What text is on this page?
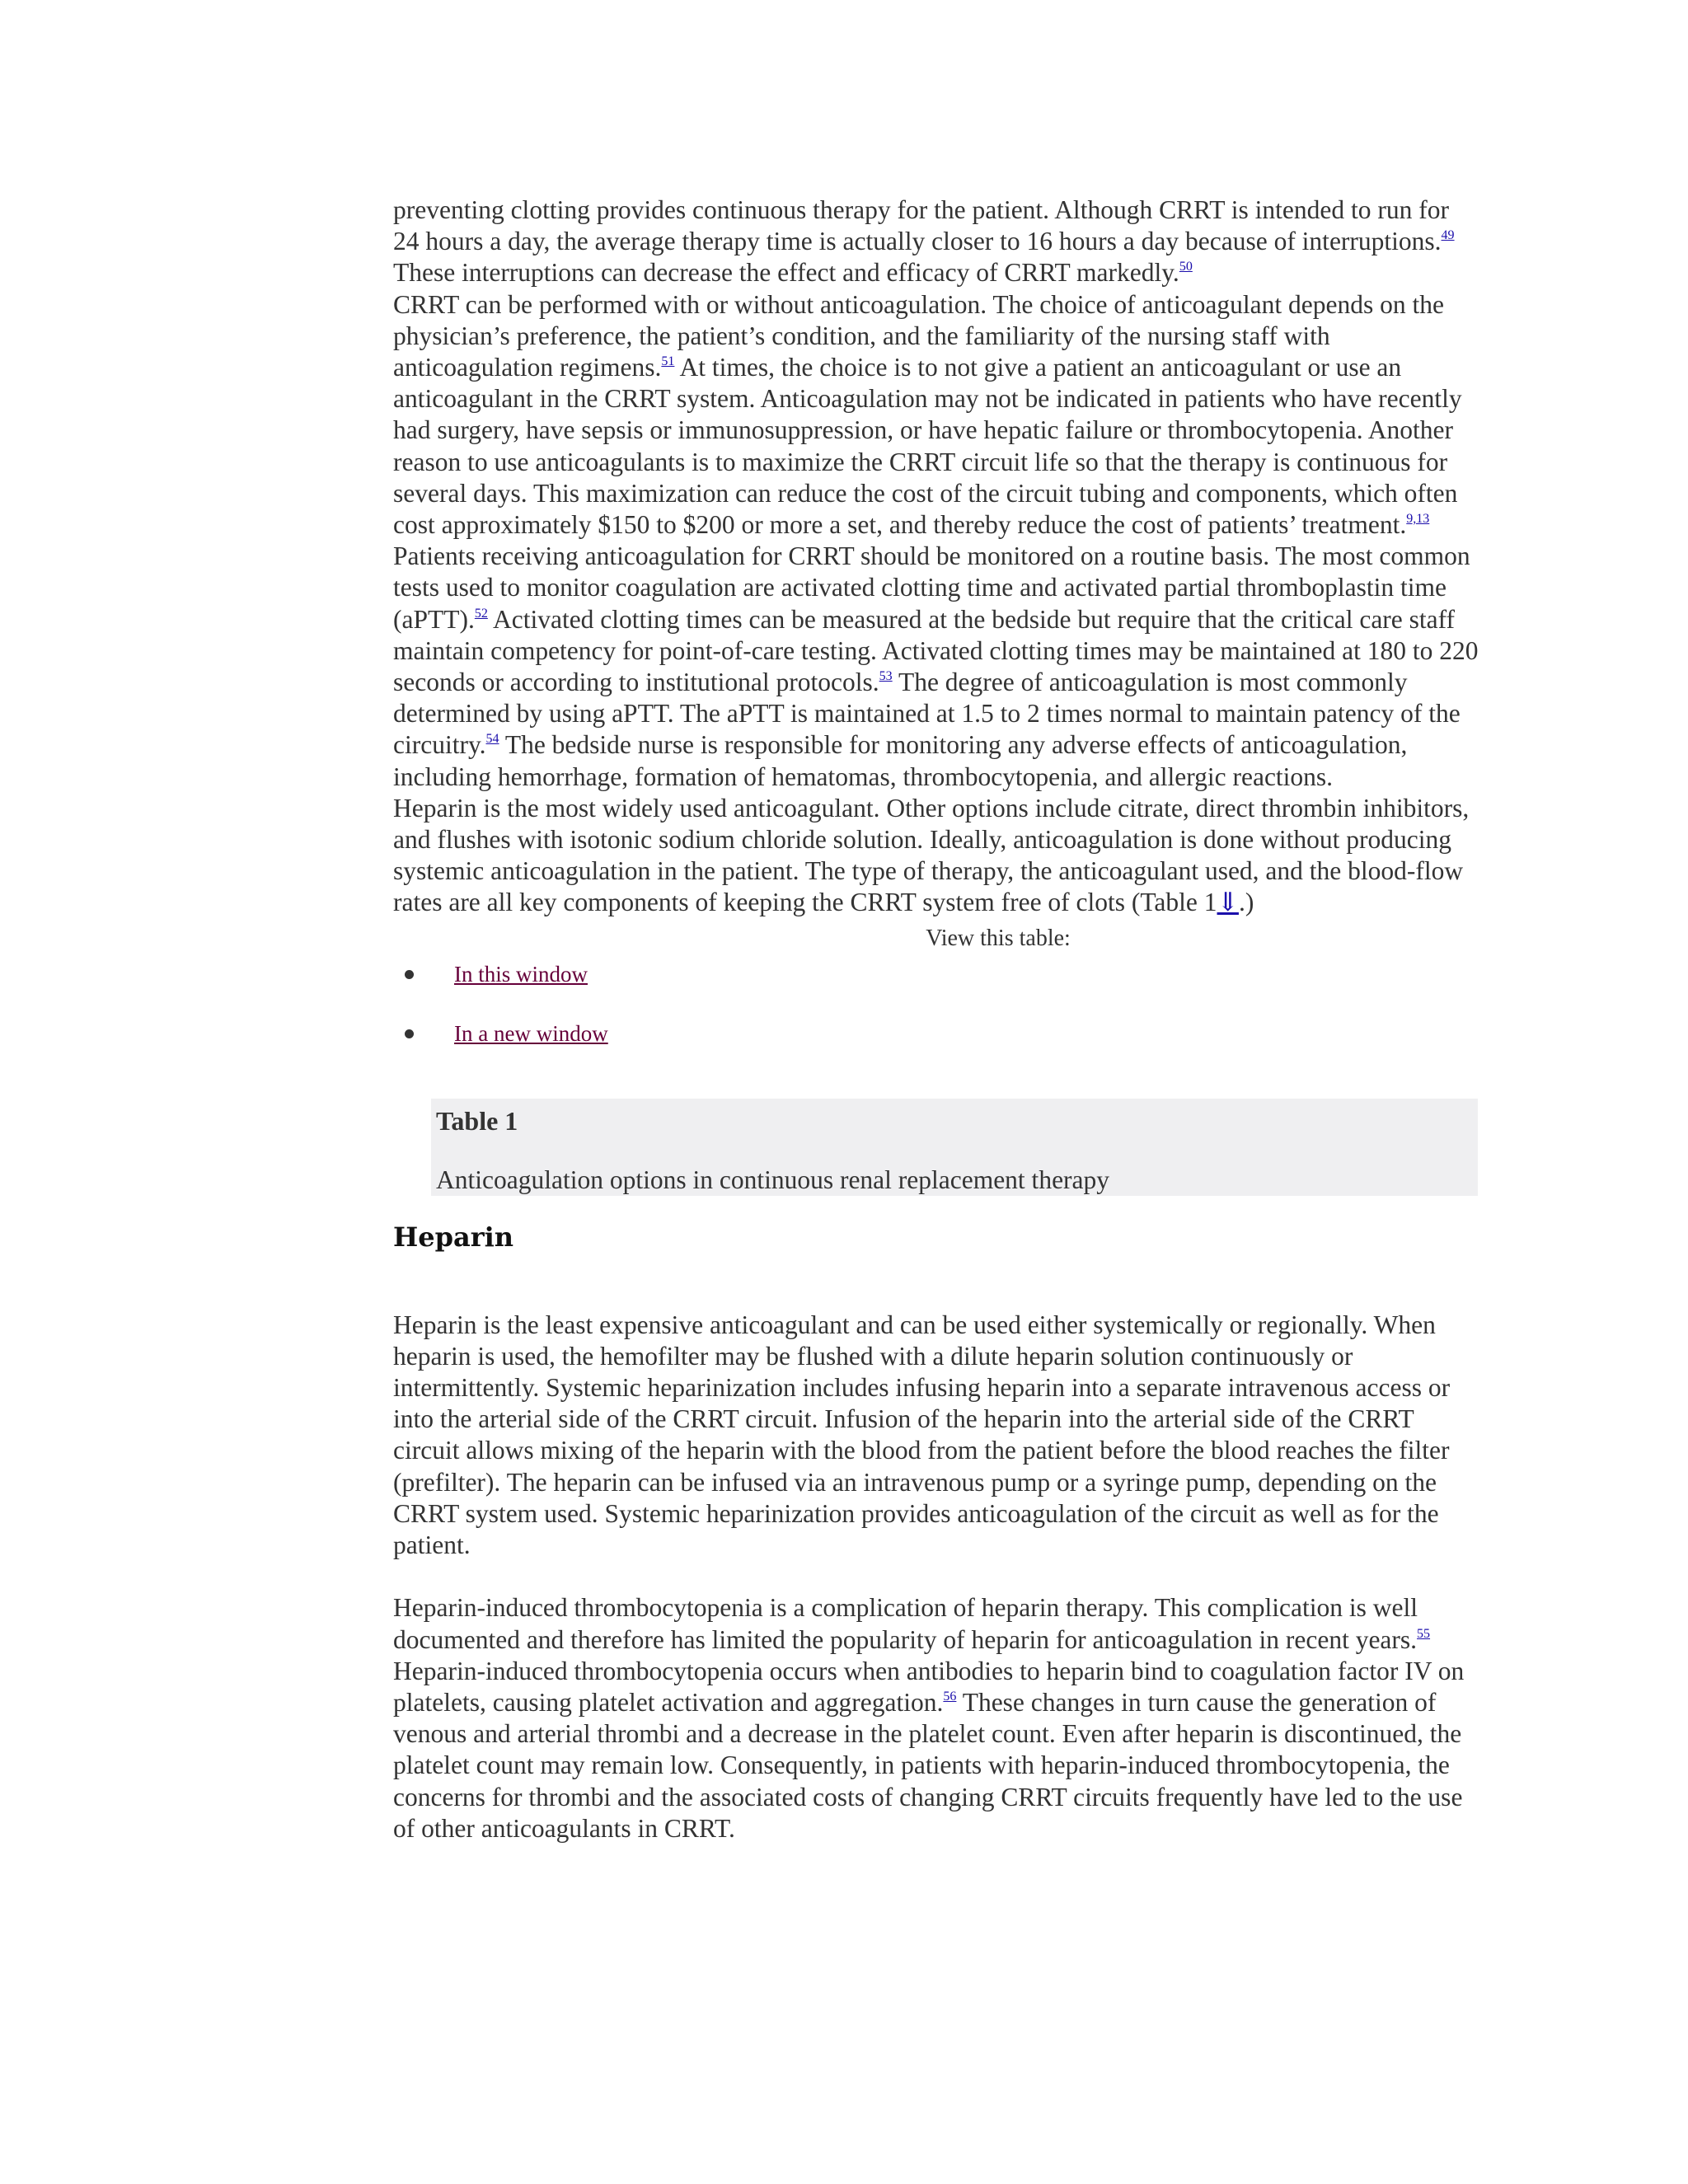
preventing clotting provides continuous therapy for the patient. Although CRRT is intended to run for 24 hours a day, the average therapy time is actually closer to 16 hours a day because of interruptions.$^{49}$ These interruptions can decrease the effect and efficacy of CRRT markedly.$^{50}$

CRRT can be performed with or without anticoagulation. The choice of anticoagulant depends on the physician’s preference, the patient’s condition, and the familiarity of the nursing staff with anticoagulation regimens.$^{51}$ At times, the choice is to not give a patient an anticoagulant or use an anticoagulant in the CRRT system. Anticoagulation may not be indicated in patients who have recently had surgery, have sepsis or immunosuppression, or have hepatic failure or thrombocytopenia. Another reason to use anticoagulants is to maximize the CRRT circuit life so that the therapy is continuous for several days. This maximization can reduce the cost of the circuit tubing and components, which often cost approximately $150 to $200 or more a set, and thereby reduce the cost of patients’ treatment.$^{9,13}$

Patients receiving anticoagulation for CRRT should be monitored on a routine basis. The most common tests used to monitor coagulation are activated clotting time and activated partial thromboplastin time (aPTT).$^{52}$ Activated clotting times can be measured at the bedside but require that the critical care staff maintain competency for point-of-care testing. Activated clotting times may be maintained at 180 to 220 seconds or according to institutional protocols.$^{53}$ The degree of anticoagulation is most commonly determined by using aPTT. The aPTT is maintained at 1.5 to 2 times normal to maintain patency of the circuitry.$^{54}$ The bedside nurse is responsible for monitoring any adverse effects of anticoagulation, including hemorrhage, formation of hematomas, thrombocytopenia, and allergic reactions.

Heparin is the most widely used anticoagulant. Other options include citrate, direct thrombin inhibitors, and flushes with isotonic sodium chloride solution. Ideally, anticoagulation is done without producing systemic anticoagulation in the patient. The type of therapy, the anticoagulant used, and the blood-flow rates are all key components of keeping the CRRT system free of clots (Table 1⇓.)

View this table:
In this window
In a new window
Table 1
Anticoagulation options in continuous renal replacement therapy
Heparin

Heparin is the least expensive anticoagulant and can be used either systemically or regionally. When heparin is used, the hemofilter may be flushed with a dilute heparin solution continuously or intermittently. Systemic heparinization includes infusing heparin into a separate intravenous access or into the arterial side of the CRRT circuit. Infusion of the heparin into the arterial side of the CRRT circuit allows mixing of the heparin with the blood from the patient before the blood reaches the filter (prefilter). The heparin can be infused via an intravenous pump or a syringe pump, depending on the CRRT system used. Systemic heparinization provides anticoagulation of the circuit as well as for the patient.

Heparin-induced thrombocytopenia is a complication of heparin therapy. This complication is well documented and therefore has limited the popularity of heparin for anticoagulation in recent years.$^{55}$ Heparin-induced thrombocytopenia occurs when antibodies to heparin bind to coagulation factor IV on platelets, causing platelet activation and aggregation.$^{56}$ These changes in turn cause the generation of venous and arterial thrombi and a decrease in the platelet count. Even after heparin is discontinued, the platelet count may remain low. Consequently, in patients with heparin-induced thrombocytopenia, the concerns for thrombi and the associated costs of changing CRRT circuits frequently have led to the use of other anticoagulants in CRRT.
